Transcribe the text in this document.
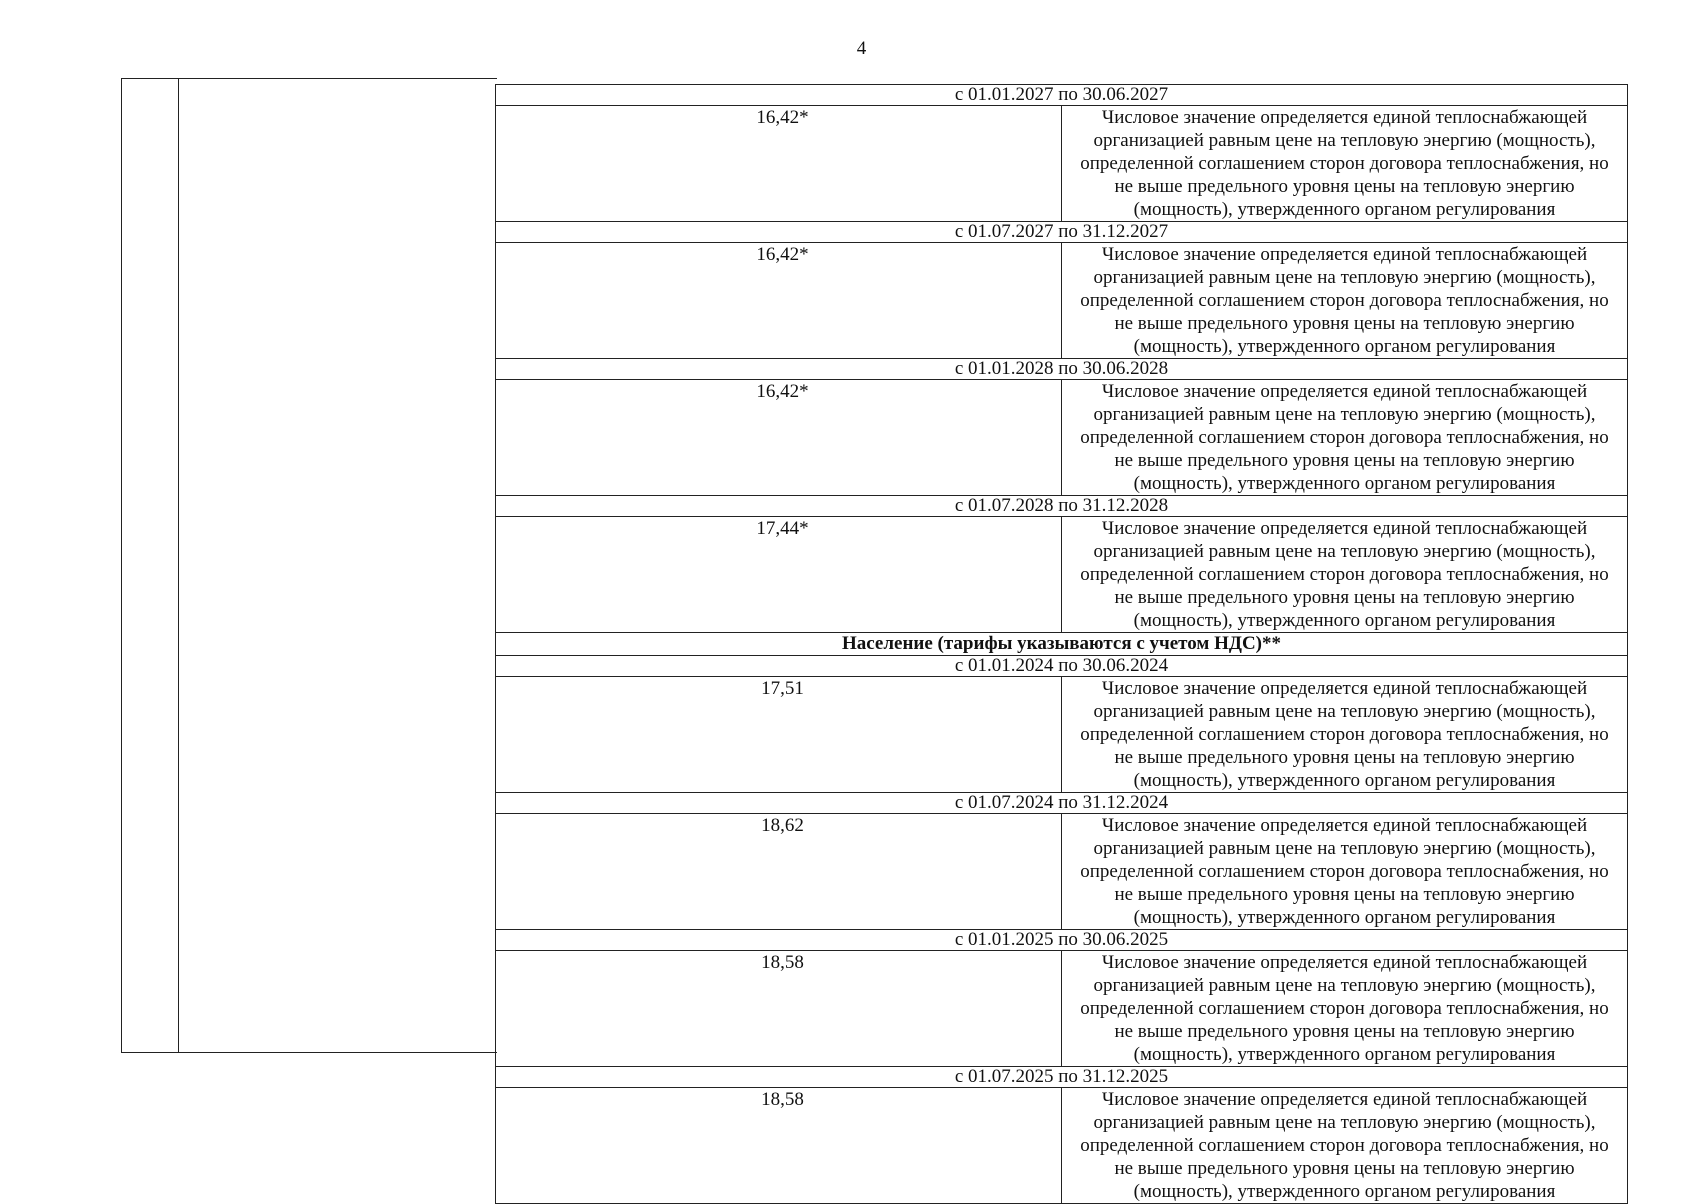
4
с 01.01.2027 по 30.06.2027	
16,42*	Числовое значение определяется единой теплоснабжающей организацией равным цене на тепловую энергию (мощность), определенной соглашением сторон договора теплоснабжения, но не выше предельного уровня цены на тепловую энергию (мощность), утвержденного органом регулирования
с 01.07.2027 по 31.12.2027	
16,42*	Числовое значение определяется единой теплоснабжающей организацией равным цене на тепловую энергию (мощность), определенной соглашением сторон договора теплоснабжения, но не выше предельного уровня цены на тепловую энергию (мощность), утвержденного органом регулирования
с 01.01.2028 по 30.06.2028	
16,42*	Числовое значение определяется единой теплоснабжающей организацией равным цене на тепловую энергию (мощность), определенной соглашением сторон договора теплоснабжения, но не выше предельного уровня цены на тепловую энергию (мощность), утвержденного органом регулирования
с 01.07.2028 по 31.12.2028	
17,44*	Числовое значение определяется единой теплоснабжающей организацией равным цене на тепловую энергию (мощность), определенной соглашением сторон договора теплоснабжения, но не выше предельного уровня цены на тепловую энергию (мощность), утвержденного органом регулирования
Население (тарифы указываются с учетом НДС)**	
с 01.01.2024 по 30.06.2024	
17,51	Числовое значение определяется единой теплоснабжающей организацией равным цене на тепловую энергию (мощность), определенной соглашением сторон договора теплоснабжения, но не выше предельного уровня цены на тепловую энергию (мощность), утвержденного органом регулирования
с 01.07.2024 по 31.12.2024	
18,62	Числовое значение определяется единой теплоснабжающей организацией равным цене на тепловую энергию (мощность), определенной соглашением сторон договора теплоснабжения, но не выше предельного уровня цены на тепловую энергию (мощность), утвержденного органом регулирования
с 01.01.2025 по 30.06.2025	
18,58	Числовое значение определяется единой теплоснабжающей организацией равным цене на тепловую энергию (мощность), определенной соглашением сторон договора теплоснабжения, но не выше предельного уровня цены на тепловую энергию (мощность), утвержденного органом регулирования
с 01.07.2025 по 31.12.2025	
18,58	Числовое значение определяется единой теплоснабжающей организацией равным цене на тепловую энергию (мощность), определенной соглашением сторон договора теплоснабжения, но не выше предельного уровня цены на тепловую энергию (мощность), утвержденного органом регулирования
